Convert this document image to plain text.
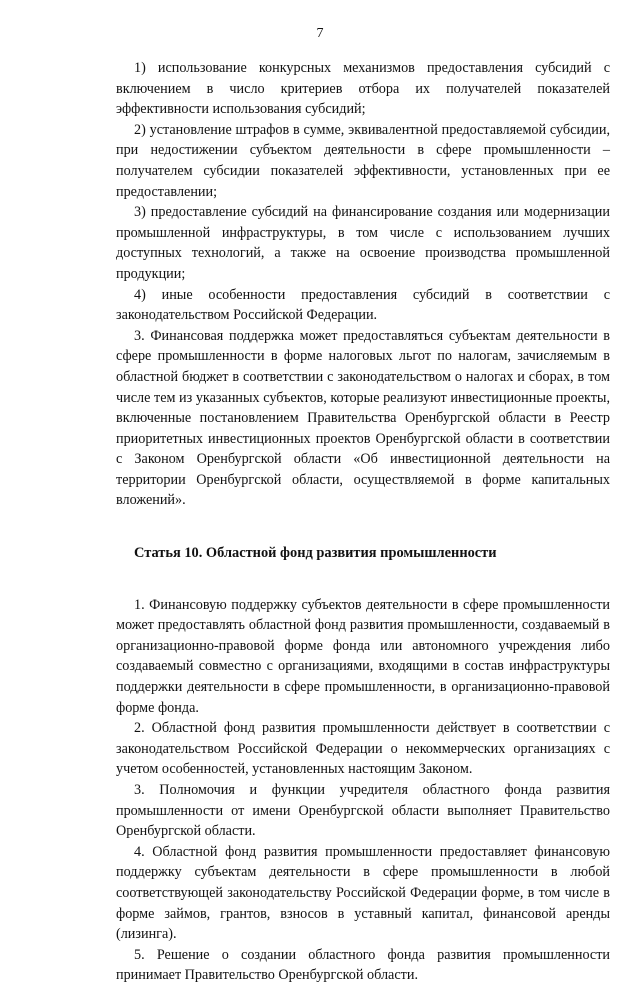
7

1) использование конкурсных механизмов предоставления субсидий с включением в число критериев отбора их получателей показателей эффективности использования субсидий;

2) установление штрафов в сумме, эквивалентной предоставляемой субсидии, при недостижении субъектом деятельности в сфере промышленности – получателем субсидии показателей эффективности, установленных при ее предоставлении;

3) предоставление субсидий на финансирование создания или модернизации промышленной инфраструктуры, в том числе с использованием лучших доступных технологий, а также на освоение производства промышленной продукции;

4) иные особенности предоставления субсидий в соответствии с законодательством Российской Федерации.

3. Финансовая поддержка может предоставляться субъектам деятельности в сфере промышленности в форме налоговых льгот по налогам, зачисляемым в областной бюджет в соответствии с законодательством о налогах и сборах, в том числе тем из указанных субъектов, которые реализуют инвестиционные проекты, включенные постановлением Правительства Оренбургской области в Реестр приоритетных инвестиционных проектов Оренбургской области в соответствии с Законом Оренбургской области «Об инвестиционной деятельности на территории Оренбургской области, осуществляемой в форме капитальных вложений».

Статья 10. Областной фонд развития промышленности

1. Финансовую поддержку субъектов деятельности в сфере промышленности может предоставлять областной фонд развития промышленности, создаваемый в организационно-правовой форме фонда или автономного учреждения либо создаваемый совместно с организациями, входящими в состав инфраструктуры поддержки деятельности в сфере промышленности, в организационно-правовой форме фонда.

2. Областной фонд развития промышленности действует в соответствии с законодательством Российской Федерации о некоммерческих организациях с учетом особенностей, установленных настоящим Законом.

3. Полномочия и функции учредителя областного фонда развития промышленности от имени Оренбургской области выполняет Правительство Оренбургской области.

4. Областной фонд развития промышленности предоставляет финансовую поддержку субъектам деятельности в сфере промышленности в любой соответствующей законодательству Российской Федерации форме, в том числе в форме займов, грантов, взносов в уставный капитал, финансовой аренды (лизинга).

5. Решение о создании областного фонда развития промышленности принимает Правительство Оренбургской области.
